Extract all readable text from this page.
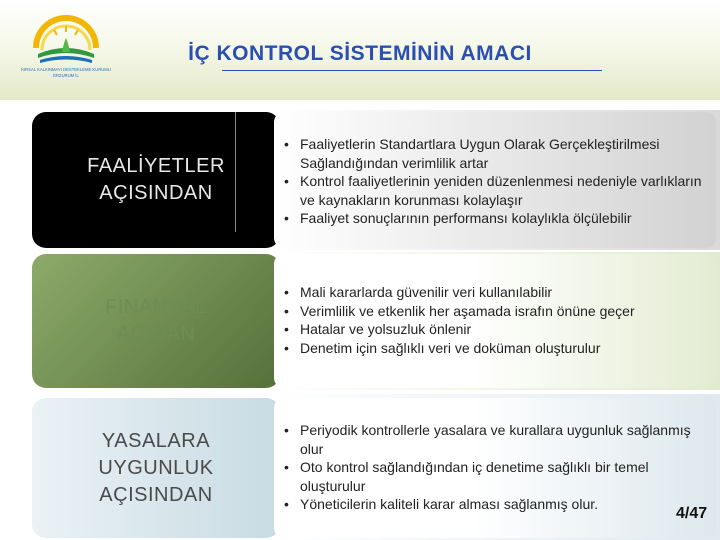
KIRSAL KALKINMAYI DESTEKLEME KURUMU
ERZURUM İL
İÇ KONTROL SİSTEMİNİN AMACI
FAALİYETLER
AÇISINDAN
• Faaliyetlerin Standartlara Uygun Olarak Gerçekleştirilmesi Sağlandığından verimlilik artar
• Kontrol faaliyetlerinin yeniden düzenlenmesi nedeniyle varlıkların ve kaynakların korunması kolaylaşır
• Faaliyet sonuçlarının performansı kolaylıkla ölçülebilir
FİNANSAL
AÇIDAN
• Mali kararlarda güvenilir veri kullanılabilir
• Verimlilik ve etkenlik her aşamada israfın önüne geçer
• Hatalar ve yolsuzluk önlenir
• Denetim için sağlıklı veri ve doküman oluşturulur
YASALARA
UYGUNLUK
AÇISINDAN
• Periyodik kontrollerle yasalara ve kurallara uygunluk sağlanmış olur
• Oto kontrol sağlandığından iç denetime sağlıklı bir temel oluşturulur
• Yöneticilerin kaliteli karar alması sağlanmış olur.
4/47
